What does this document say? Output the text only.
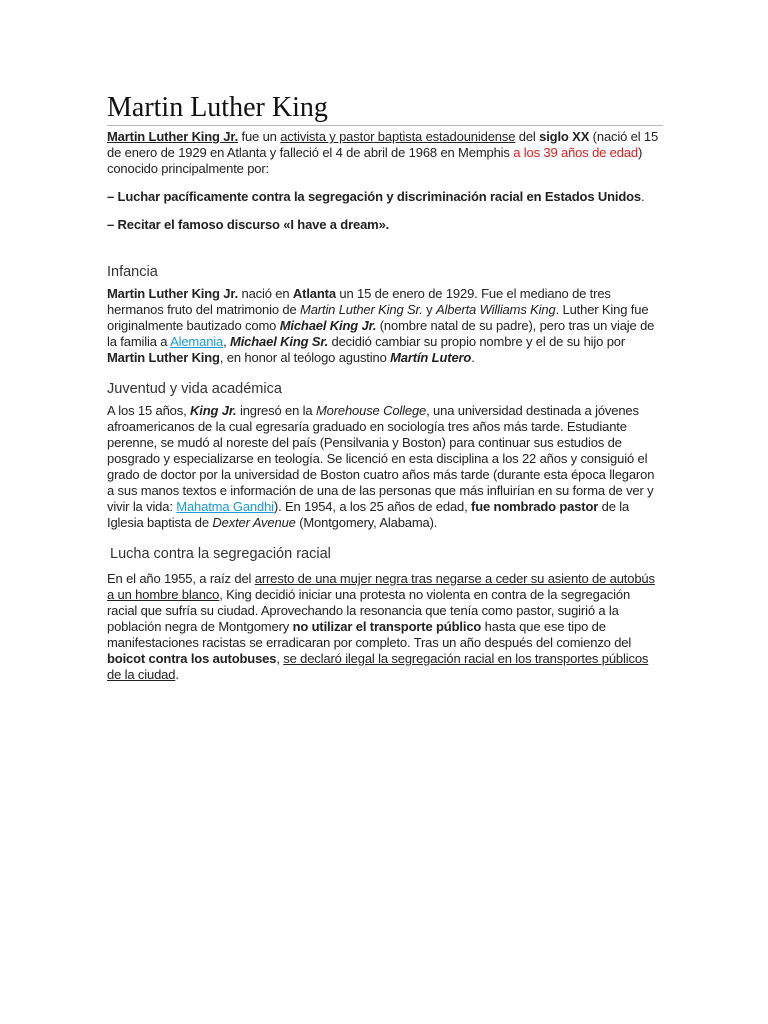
Martin Luther King

Martin Luther King Jr. fue un activista y pastor baptista estadounidense del siglo XX (nació el 15 de enero de 1929 en Atlanta y falleció el 4 de abril de 1968 en Memphis a los 39 años de edad) conocido principalmente por:

– Luchar pacíficamente contra la segregación y discriminación racial en Estados Unidos.

– Recitar el famoso discurso «I have a dream».

Infancia

Martin Luther King Jr. nació en Atlanta un 15 de enero de 1929. Fue el mediano de tres hermanos fruto del matrimonio de Martin Luther King Sr. y Alberta Williams King. Luther King fue originalmente bautizado como Michael King Jr. (nombre natal de su padre), pero tras un viaje de la familia a Alemania, Michael King Sr. decidió cambiar su propio nombre y el de su hijo por Martin Luther King, en honor al teólogo agustino Martín Lutero.

Juventud y vida académica

A los 15 años, King Jr. ingresó en la Morehouse College, una universidad destinada a jóvenes afroamericanos de la cual egresaría graduado en sociología tres años más tarde. Estudiante perenne, se mudó al noreste del país (Pensilvania y Boston) para continuar sus estudios de posgrado y especializarse en teología. Se licenció en esta disciplina a los 22 años y consiguió el grado de doctor por la universidad de Boston cuatro años más tarde (durante esta época llegaron a sus manos textos e información de una de las personas que más influirían en su forma de ver y vivir la vida: Mahatma Gandhi). En 1954, a los 25 años de edad, fue nombrado pastor de la Iglesia baptista de Dexter Avenue (Montgomery, Alabama).

Lucha contra la segregación racial

En el año 1955, a raíz del arresto de una mujer negra tras negarse a ceder su asiento de autobús a un hombre blanco, King decidió iniciar una protesta no violenta en contra de la segregación racial que sufría su ciudad. Aprovechando la resonancia que tenía como pastor, sugirió a la población negra de Montgomery no utilizar el transporte público hasta que ese tipo de manifestaciones racistas se erradicaran por completo. Tras un año después del comienzo del boicot contra los autobuses, se declaró ilegal la segregación racial en los transportes públicos de la ciudad.
